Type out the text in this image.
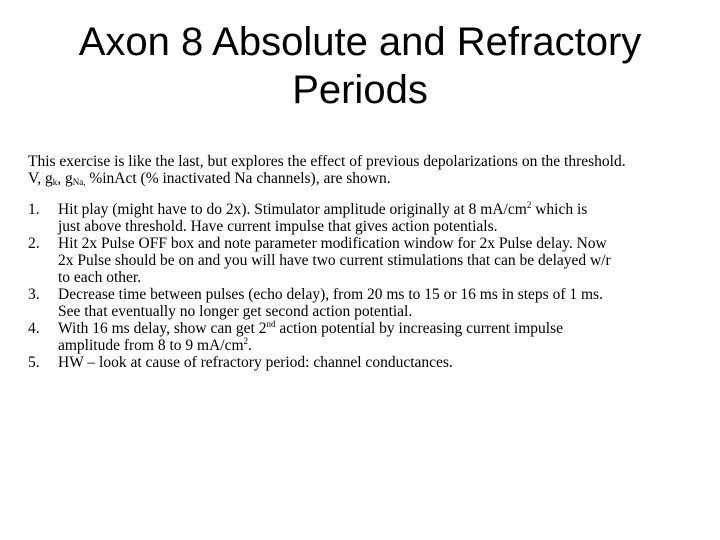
Axon 8 Absolute and Refractory
Periods

This exercise is like the last, but explores the effect of previous depolarizations on the threshold.
V, $g_k$, $g_{Na,}$ %inAct (% inactivated Na channels), are shown.

1.	Hit play (might have to do 2x). Stimulator amplitude originally at 8 $mA/cm^2$ which is
just above threshold. Have current impulse that gives action potentials.
2.	Hit 2x Pulse OFF box and note parameter modification window for 2x Pulse delay. Now
2x Pulse should be on and you will have two current stimulations that can be delayed w/r
to each other.
3.	Decrease time between pulses (echo delay), from 20 ms to 15 or 16 ms in steps of 1 ms.
See that eventually no longer get second action potential.
4.	With 16 ms delay, show can get 2nd action potential by increasing current impulse
amplitude from 8 to 9 $mA/cm^2$.
5.	HW – look at cause of refractory period: channel conductances.
